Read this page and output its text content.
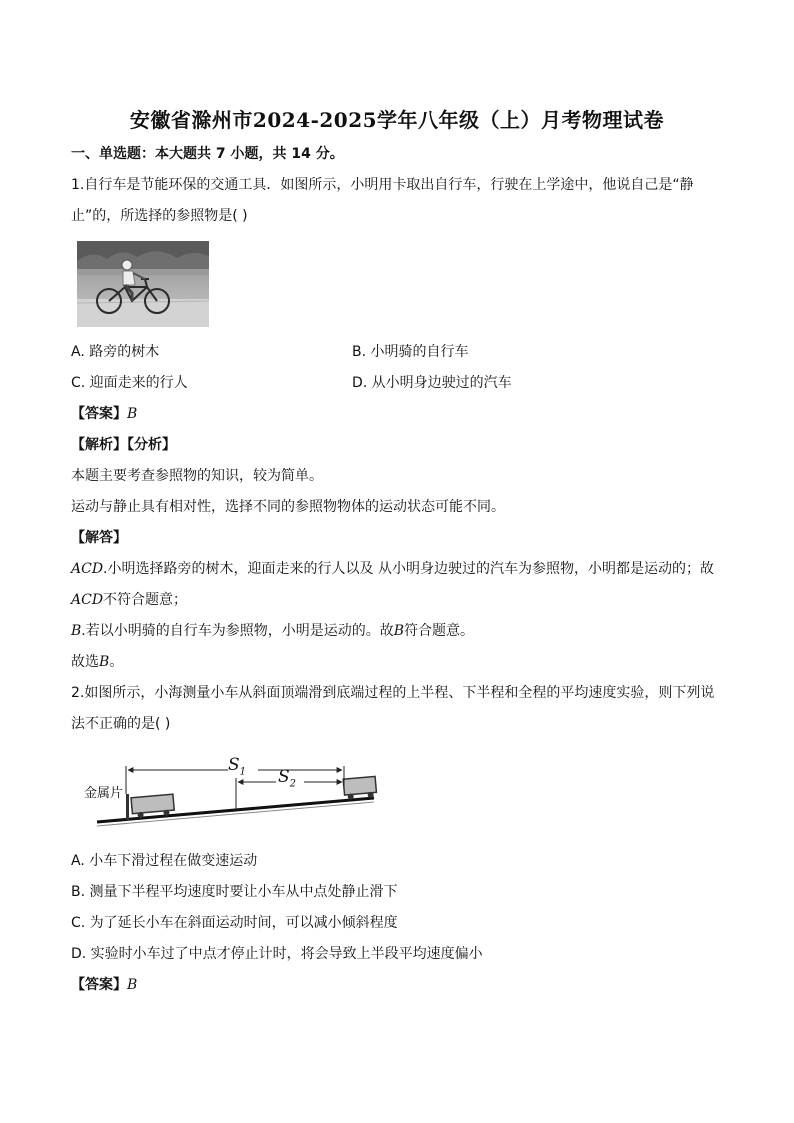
安徽省滁州市2024-2025学年八年级（上）月考物理试卷
一、单选题：本大题共 7 小题，共 14 分。
1.自行车是节能环保的交通工具．如图所示，小明用卡取出自行车，行驶在上学途中，他说自己是“静
止”的，所选择的参照物是( )
A. 路旁的树木	B. 小明骑的自行车
C. 迎面走来的行人	D. 从小明身边驶过的汽车
【答案】B
【解析】【分析】
本题主要考查参照物的知识，较为简单。
运动与静止具有相对性，选择不同的参照物物体的运动状态可能不同。
【解答】
ACD.小明选择路旁的树木，迎面走来的行人以及 从小明身边驶过的汽车为参照物，小明都是运动的；故
ACD不符合题意；
B.若以小明骑的自行车为参照物，小明是运动的。故B符合题意。
故选B。
2.如图所示，小海测量小车从斜面顶端滑到底端过程的上半程、下半程和全程的平均速度实验，则下列说
法不正确的是( )
金属片
$S_1$ $S_2$
A. 小车下滑过程在做变速运动
B. 测量下半程平均速度时要让小车从中点处静止滑下
C. 为了延长小车在斜面运动时间，可以减小倾斜程度
D. 实验时小车过了中点才停止计时，将会导致上半段平均速度偏小
【答案】B
